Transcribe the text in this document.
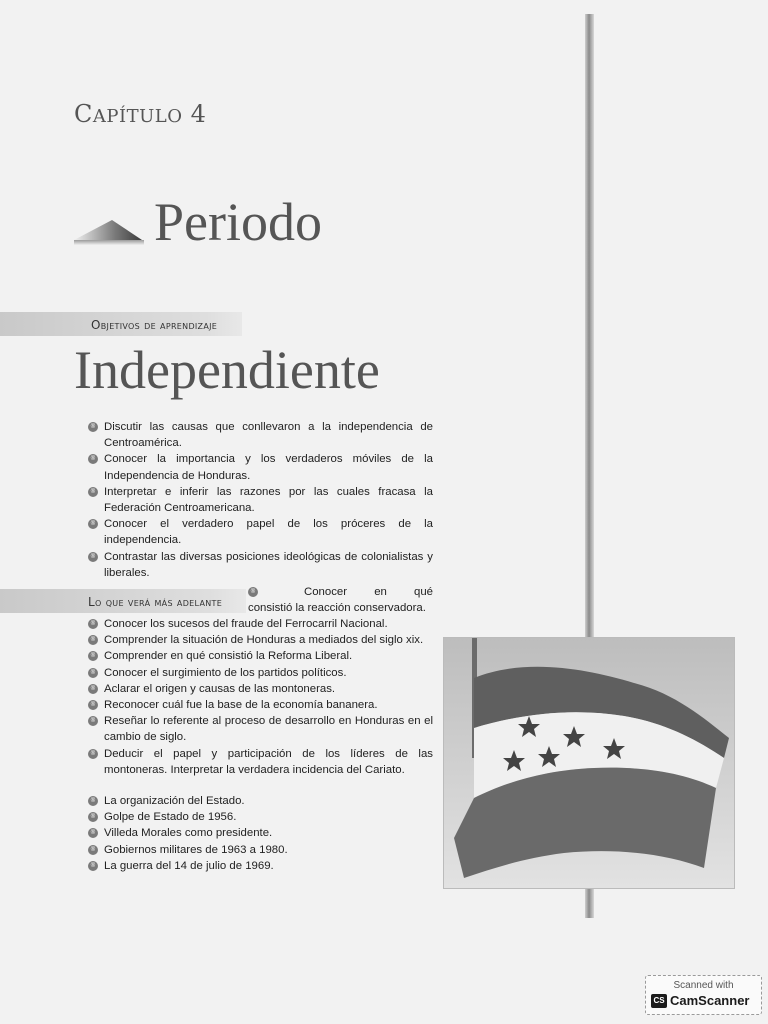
CAPÍTULO 4
Periodo
Objetivos de aprendizaje
Independiente
® Discutir las causas que conllevaron a la independencia de Centroamérica.
® Conocer la importancia y los verdaderos móviles de la Independencia de Honduras.
® Interpretar e inferir las razones por las cuales fracasa la Federación Centroamericana.
® Conocer el verdadero papel de los próceres de la independencia.
® Contrastar las diversas posiciones ideológicas de colonialistas y liberales.
Lo que verá más adelante
®	Conocer en qué
consistió la reacción conservadora.
® Conocer los sucesos del fraude del Ferrocarril Nacional.
® Comprender la situación de Honduras a mediados del siglo xix.
® Comprender en qué consistió la Reforma Liberal.
® Conocer el surgimiento de los partidos políticos.
® Aclarar el origen y causas de las montoneras.
® Reconocer cuál fue la base de la economía bananera.
® Reseñar lo referente al proceso de desarrollo en Honduras en el cambio de siglo.
® Deducir el papel y participación de los líderes de las montoneras. Interpretar la verdadera incidencia del Cariato.
® La organización del Estado.
® Golpe de Estado de 1956.
® Villeda Morales como presidente.
® Gobiernos militares de 1963 a 1980.
® La guerra del 14 de julio de 1969.
Scanned with
CS CamScanner
